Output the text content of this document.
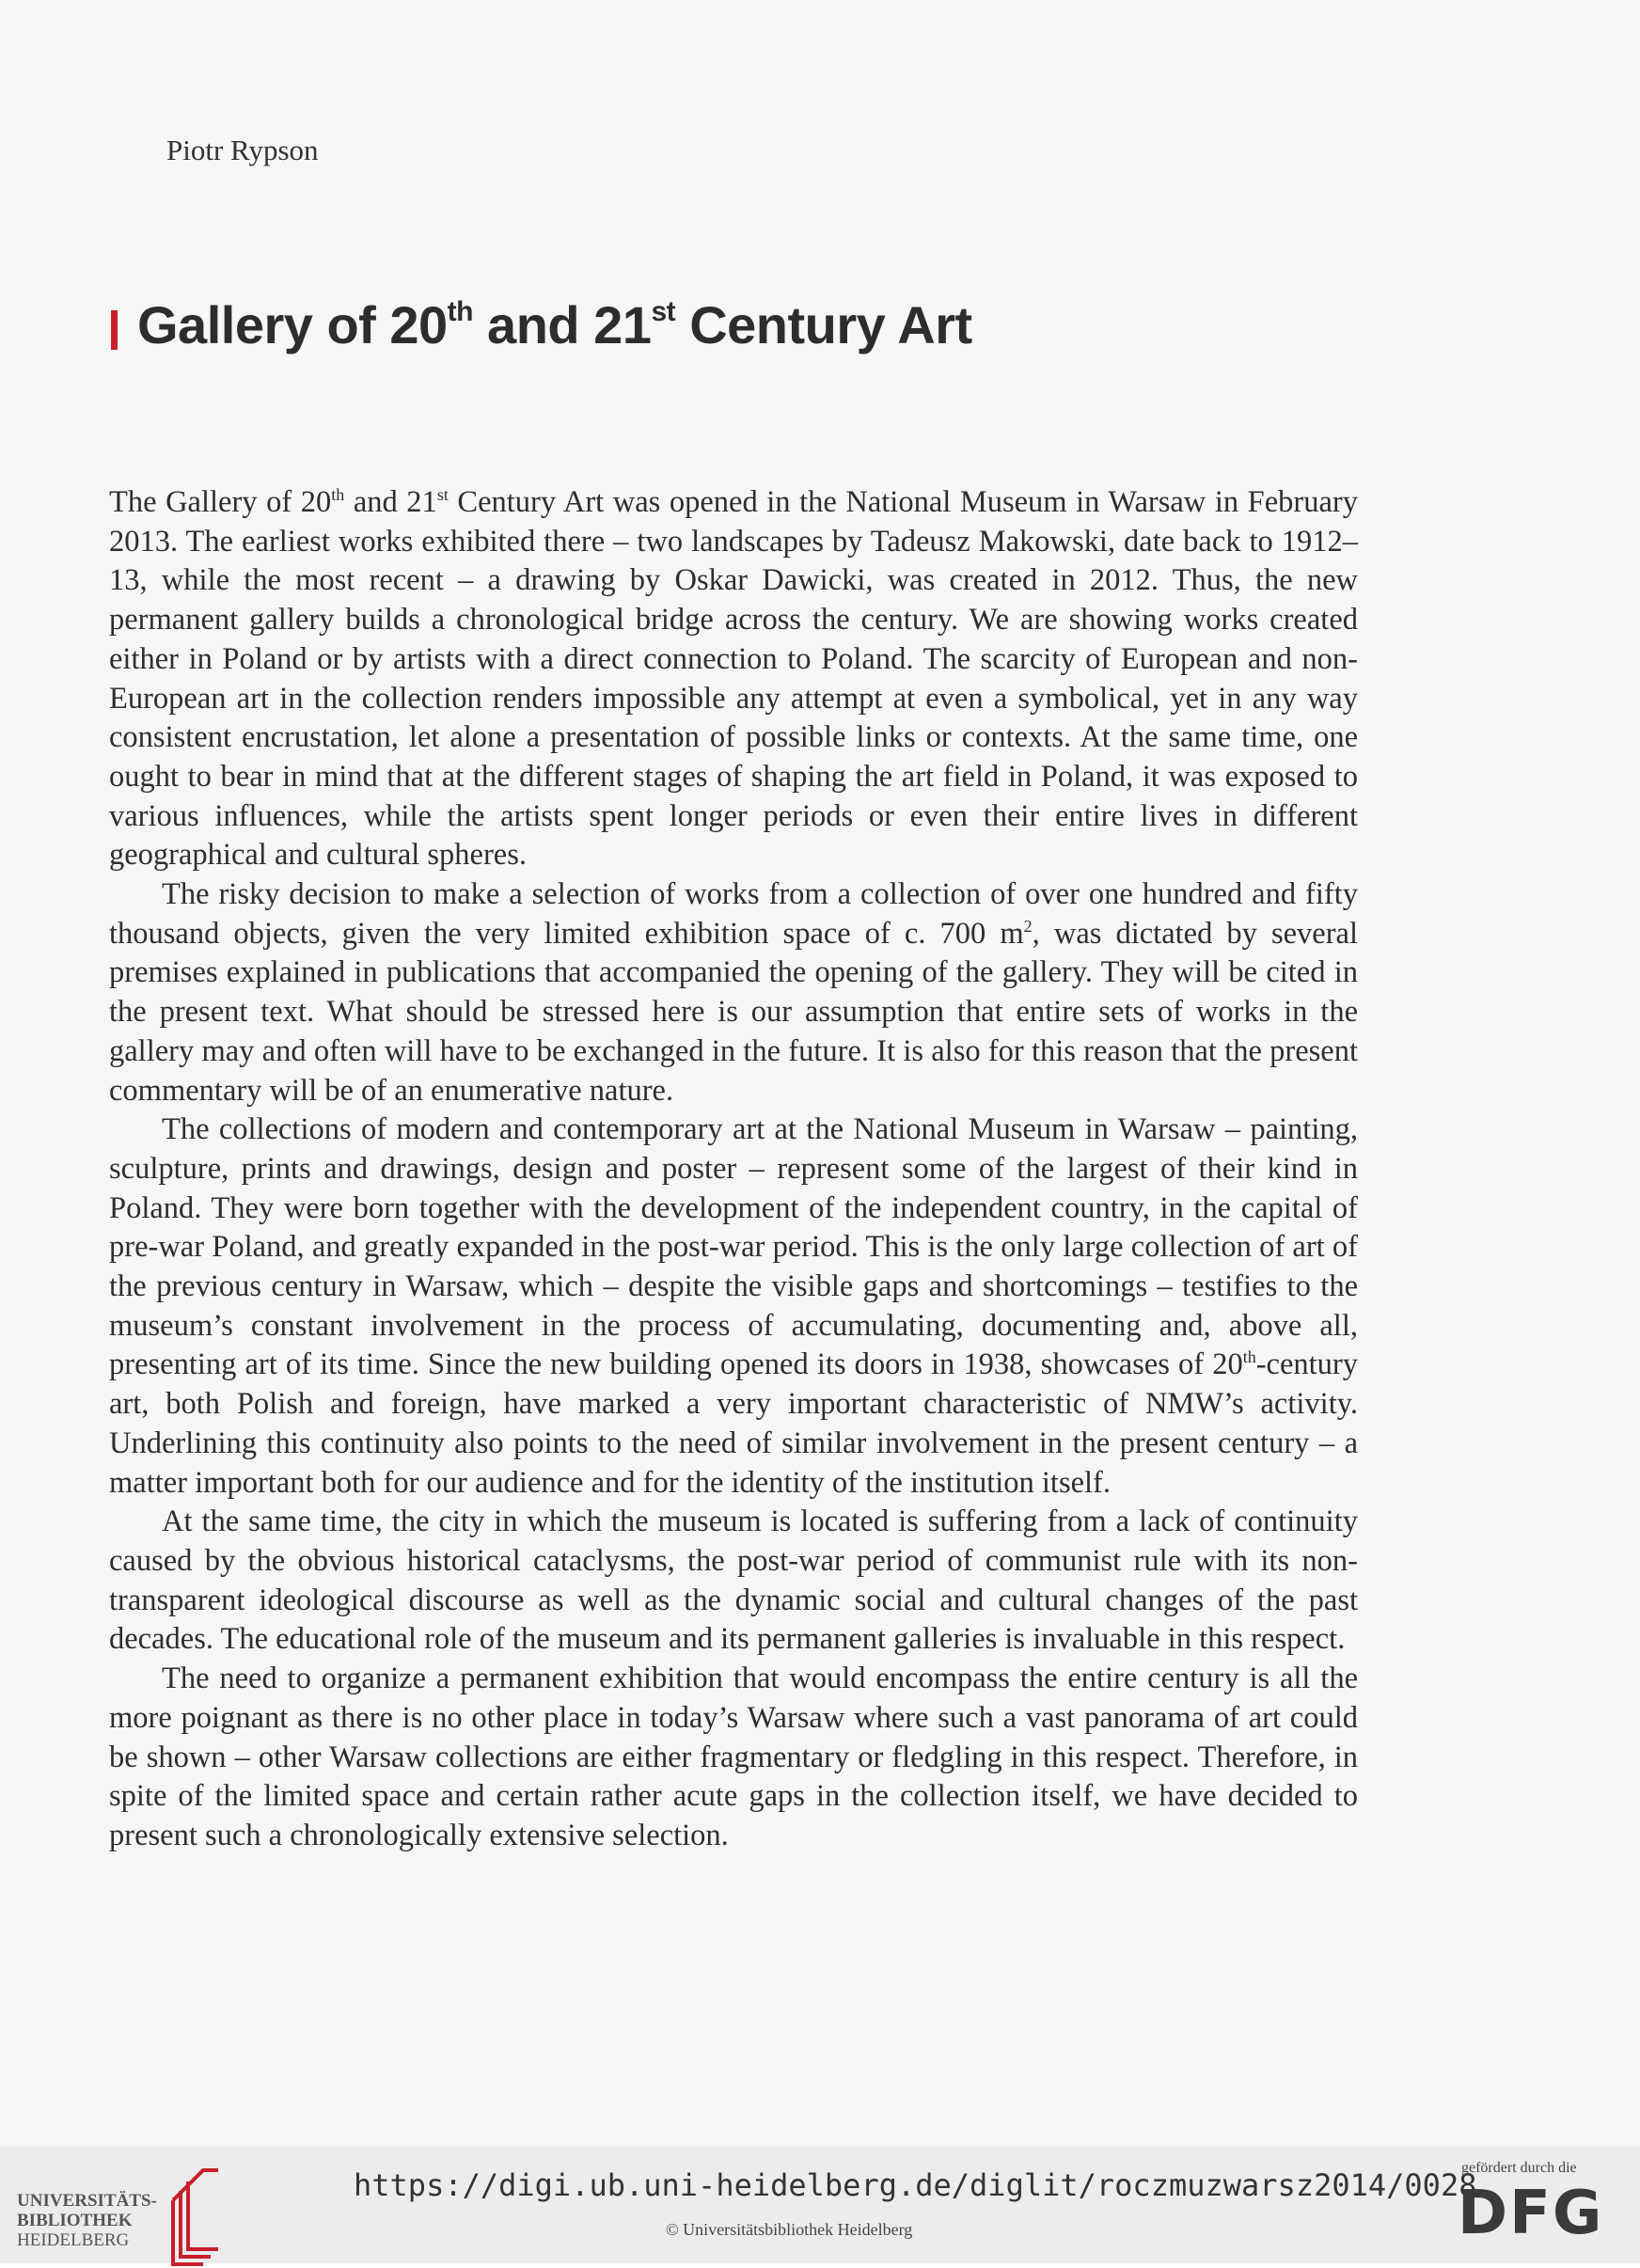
Piotr Rypson
Gallery of 20th and 21st Century Art

The Gallery of 20th and 21st Century Art was opened in the National Museum in Warsaw in February 2013. The earliest works exhibited there – two landscapes by Tadeusz Makowski, date back to 1912–13, while the most recent – a drawing by Oskar Dawicki, was created in 2012. Thus, the new permanent gallery builds a chronological bridge across the century. We are showing works created either in Poland or by artists with a direct connection to Poland. The scarcity of European and non-European art in the collection renders impossible any attempt at even a symbolical, yet in any way consistent encrustation, let alone a presentation of possible links or contexts. At the same time, one ought to bear in mind that at the different stages of shaping the art field in Poland, it was exposed to various influences, while the artists spent longer periods or even their entire lives in different geographical and cultural spheres.

The risky decision to make a selection of works from a collection of over one hundred and fifty thousand objects, given the very limited exhibition space of c. 700 $m^2$, was dictated by several premises explained in publications that accompanied the opening of the gallery. They will be cited in the present text. What should be stressed here is our assumption that entire sets of works in the gallery may and often will have to be exchanged in the future. It is also for this reason that the present commentary will be of an enumerative nature.

The collections of modern and contemporary art at the National Museum in Warsaw – painting, sculpture, prints and drawings, design and poster – represent some of the largest of their kind in Poland. They were born together with the development of the independent country, in the capital of pre-war Poland, and greatly expanded in the post-war period. This is the only large collection of art of the previous century in Warsaw, which – despite the visible gaps and shortcomings – testifies to the museum’s constant involvement in the process of accumulating, documenting and, above all, presenting art of its time. Since the new building opened its doors in 1938, showcases of 20th-century art, both Polish and foreign, have marked a very important characteristic of NMW’s activity. Underlining this continuity also points to the need of similar involvement in the present century – a matter important both for our audience and for the identity of the institution itself.

At the same time, the city in which the museum is located is suffering from a lack of continuity caused by the obvious historical cataclysms, the post-war period of communist rule with its non-transparent ideological discourse as well as the dynamic social and cultural changes of the past decades. The educational role of the museum and its permanent galleries is invaluable in this respect.

The need to organize a permanent exhibition that would encompass the entire century is all the more poignant as there is no other place in today’s Warsaw where such a vast panorama of art could be shown – other Warsaw collections are either fragmentary or fledgling in this respect. Therefore, in spite of the limited space and certain rather acute gaps in the collection itself, we have decided to present such a chronologically extensive selection.

UNIVERSITÄTS-
BIBLIOTHEK
HEIDELBERG
https://digi.ub.uni-heidelberg.de/diglit/roczmuzwarsz2014/0028
© Universitätsbibliothek Heidelberg
gefördert durch die
DFG
